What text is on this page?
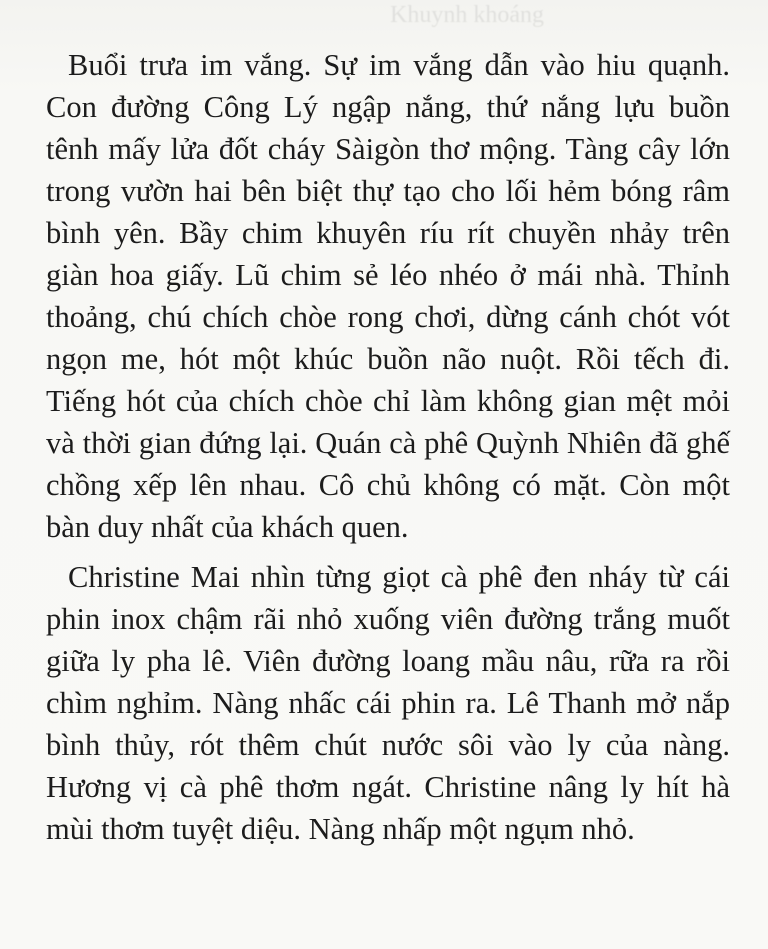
Khuynh khoáng

Buổi trưa im vắng. Sự im vắng dẫn vào hiu quạnh. Con đường Công Lý ngập nắng, thứ nắng lựu buồn tênh mấy lửa đốt cháy Sàigòn thơ mộng. Tàng cây lớn trong vườn hai bên biệt thự tạo cho lối hẻm bóng râm bình yên. Bầy chim khuyên ríu rít chuyền nhảy trên giàn hoa giấy. Lũ chim sẻ léo nhéo ở mái nhà. Thỉnh thoảng, chú chích chòe rong chơi, dừng cánh chót vót ngọn me, hót một khúc buồn não nuột. Rồi tếch đi. Tiếng hót của chích chòe chỉ làm không gian mệt mỏi và thời gian đứng lại. Quán cà phê Quỳnh Nhiên đã ghế chồng xếp lên nhau. Cô chủ không có mặt. Còn một bàn duy nhất của khách quen.

Christine Mai nhìn từng giọt cà phê đen nháy từ cái phin inox chậm rãi nhỏ xuống viên đường trắng muốt giữa ly pha lê. Viên đường loang mầu nâu, rữa ra rồi chìm nghỉm. Nàng nhấc cái phin ra. Lê Thanh mở nắp bình thủy, rót thêm chút nước sôi vào ly của nàng. Hương vị cà phê thơm ngát. Christine nâng ly hít hà mùi thơm tuyệt diệu. Nàng nhấp một ngụm nhỏ.
